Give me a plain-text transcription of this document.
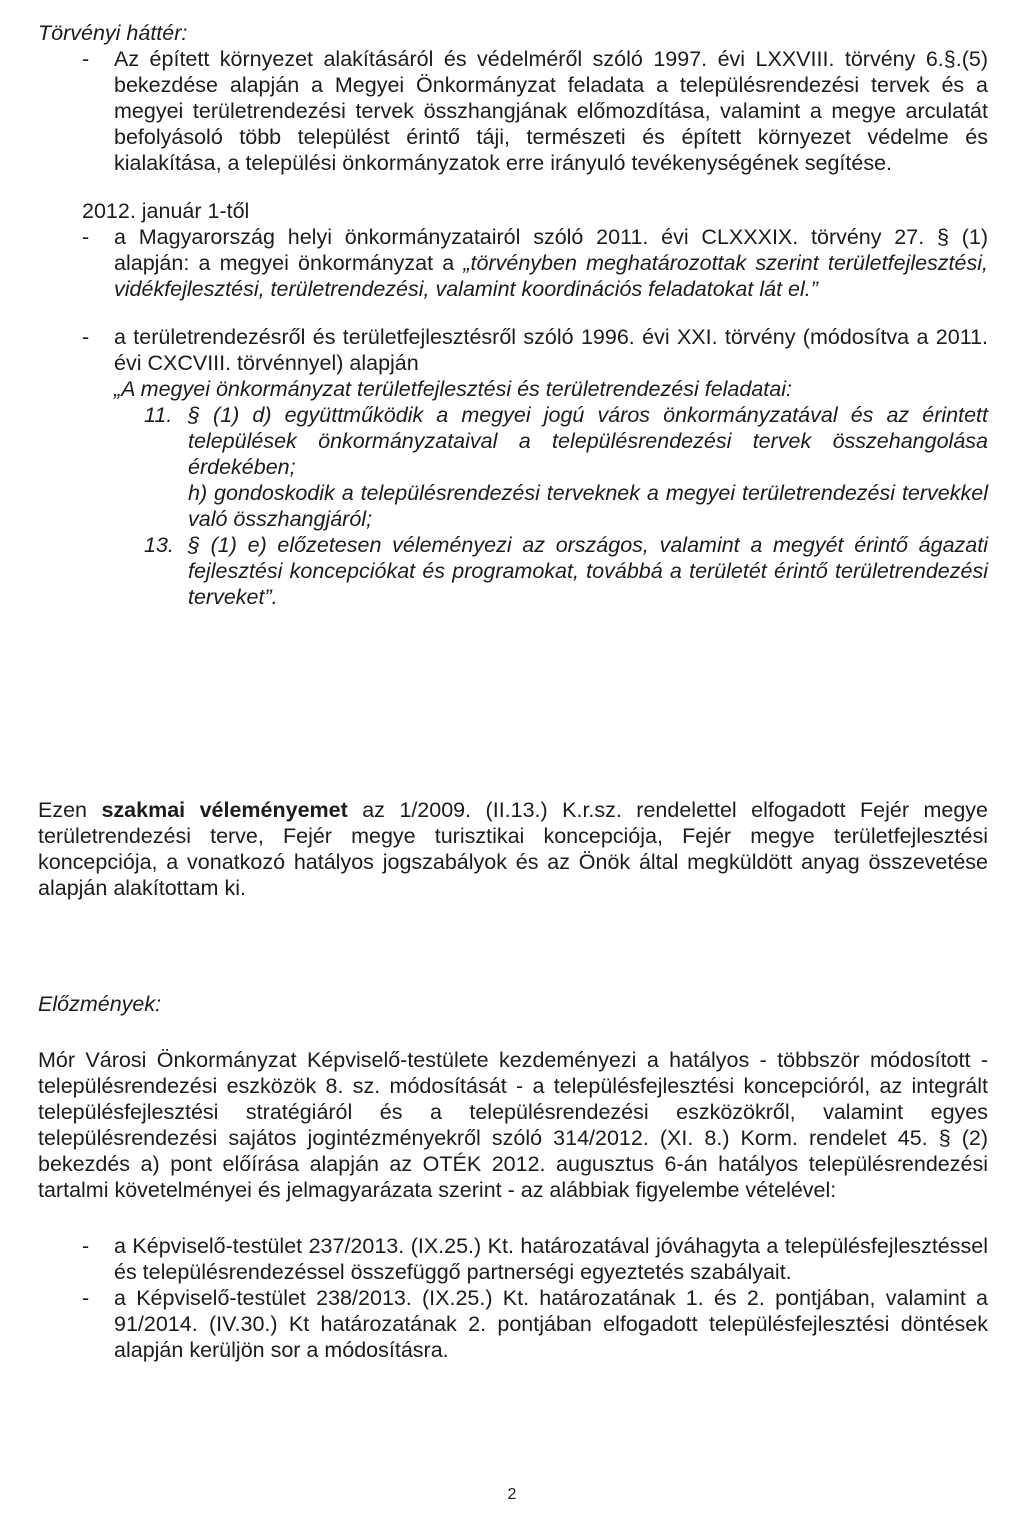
Törvényi háttér:
- Az épített környezet alakításáról és védelméről szóló 1997. évi LXXVIII. törvény 6.§.(5) bekezdése alapján a Megyei Önkormányzat feladata a településrendezési tervek és a megyei területrendezési tervek összhangjának előmozdítása, valamint a megye arculatát befolyásoló több települést érintő táji, természeti és épített környezet védelme és kialakítása, a települési önkormányzatok erre irányuló tevékenységének segítése.
2012. január 1-től
- a Magyarország helyi önkormányzatairól szóló 2011. évi CLXXXIX. törvény 27. § (1) alapján: a megyei önkormányzat a „törvényben meghatározottak szerint területfejlesztési, vidékfejlesztési, területrendezési, valamint koordinációs feladatokat lát el.”
- a területrendezésről és területfejlesztésről szóló 1996. évi XXI. törvény (módosítva a 2011. évi CXCVIII. törvénnyel) alapján
„A megyei önkormányzat területfejlesztési és területrendezési feladatai:
11. § (1) d) együttműködik a megyei jogú város önkormányzatával és az érintett települések önkormányzataival a településrendezési tervek összehangolása érdekében;
h) gondoskodik a településrendezési terveknek a megyei területrendezési tervekkel való összhangjáról;
13. § (1) e) előzetesen véleményezi az országos, valamint a megyét érintő ágazati fejlesztési koncepciókat és programokat, továbbá a területét érintő területrendezési terveket”.
Ezen szakmai véleményemet az 1/2009. (II.13.) K.r.sz. rendelettel elfogadott Fejér megye területrendezési terve, Fejér megye turisztikai koncepciója, Fejér megye területfejlesztési koncepciója, a vonatkozó hatályos jogszabályok és az Önök által megküldött anyag összevetése alapján alakítottam ki.
Előzmények:
Mór Városi Önkormányzat Képviselő-testülete kezdeményezi a hatályos - többször módosított - településrendezési eszközök 8. sz. módosítását - a településfejlesztési koncepcióról, az integrált településfejlesztési stratégiáról és a településrendezési eszközökről, valamint egyes településrendezési sajátos jogintézményekről szóló 314/2012. (XI. 8.) Korm. rendelet 45. § (2) bekezdés a) pont előírása alapján az OTÉK 2012. augusztus 6-án hatályos településrendezési tartalmi követelményei és jelmagyarázata szerint - az alábbiak figyelembe vételével:
- a Képviselő-testület 237/2013. (IX.25.) Kt. határozatával jóváhagyta a településfejlesztéssel és településrendezéssel összefüggő partnerségi egyeztetés szabályait.
- a Képviselő-testület 238/2013. (IX.25.) Kt. határozatának 1. és 2. pontjában, valamint a 91/2014. (IV.30.) Kt határozatának 2. pontjában elfogadott településfejlesztési döntések alapján kerüljön sor a módosításra.
2
